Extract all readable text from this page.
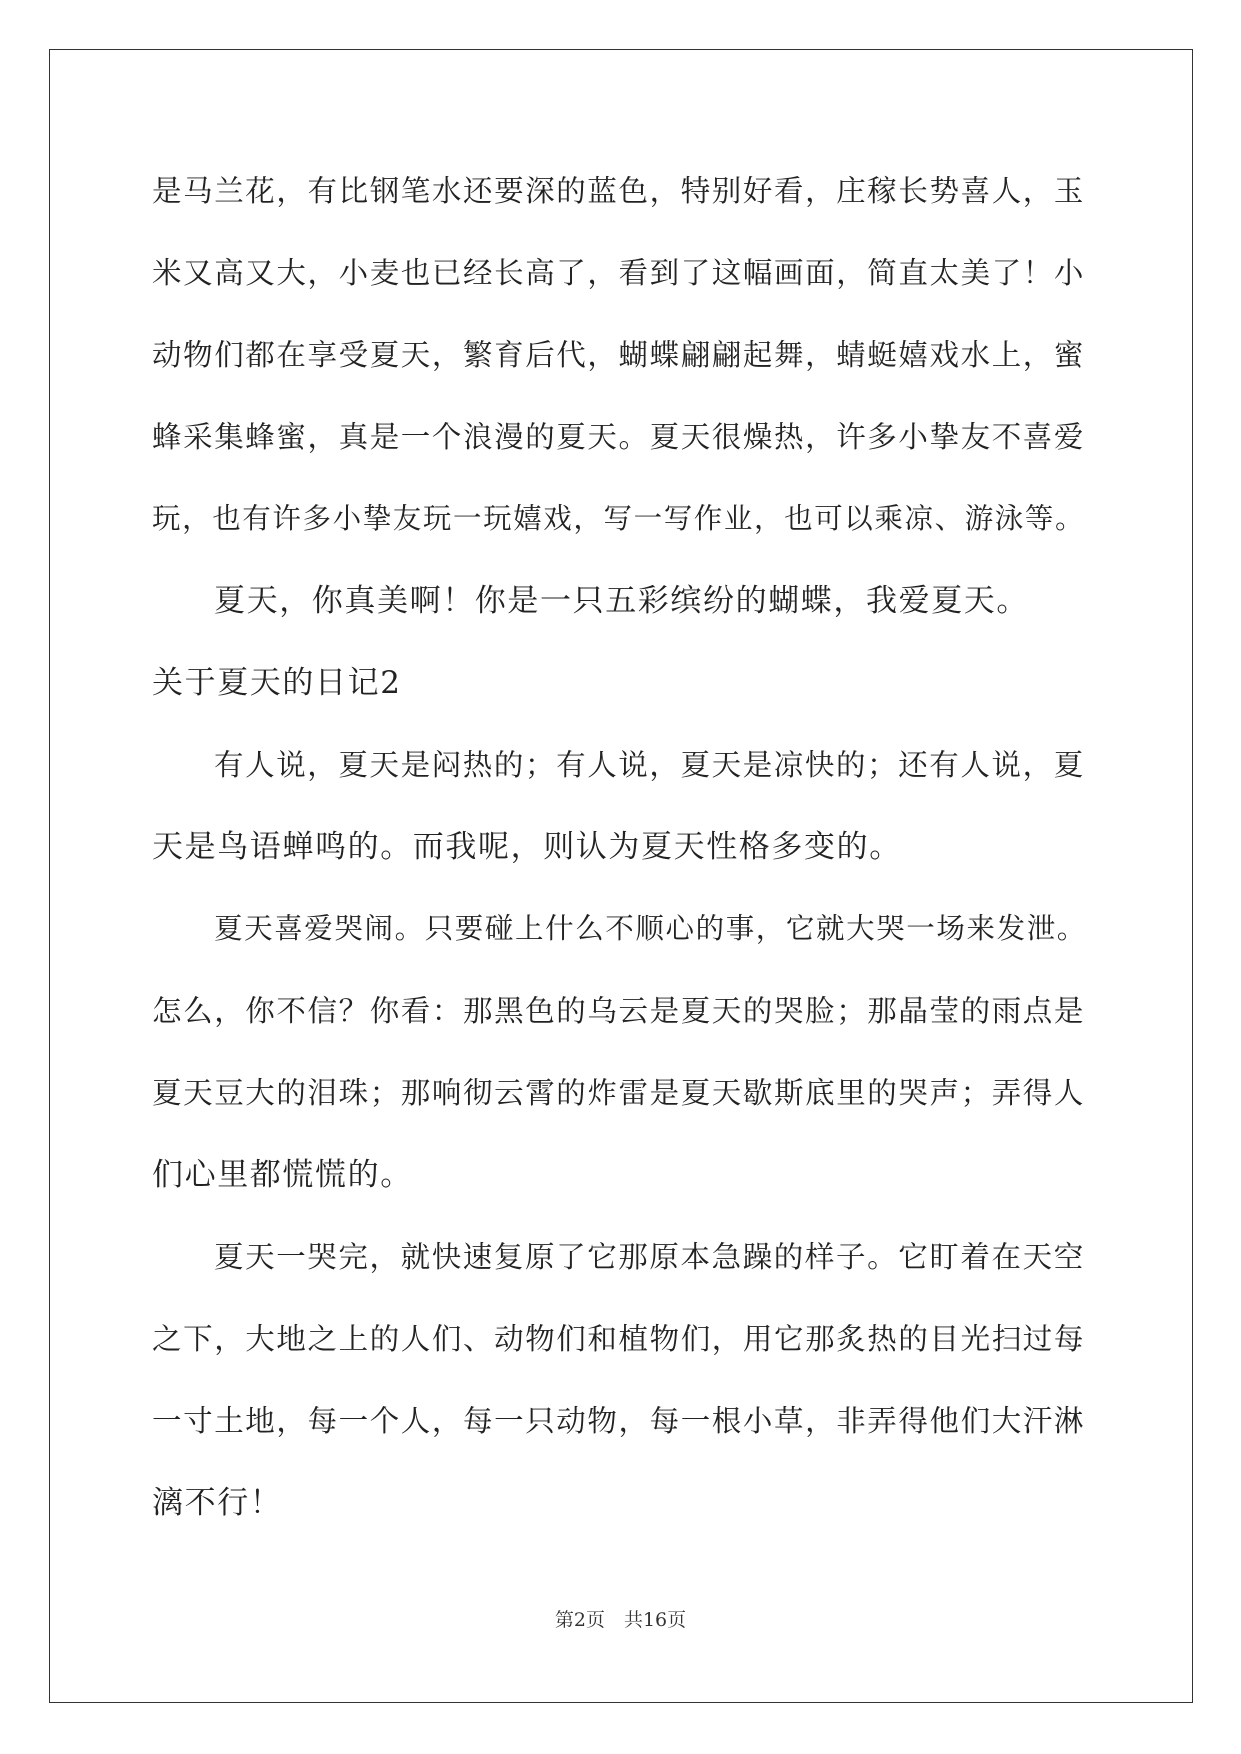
是马兰花，有比钢笔水还要深的蓝色，特别好看，庄稼长势喜人，玉
米又高又大，小麦也已经长高了，看到了这幅画面，简直太美了！小
动物们都在享受夏天，繁育后代，蝴蝶翩翩起舞，蜻蜓嬉戏水上，蜜
蜂采集蜂蜜，真是一个浪漫的夏天。夏天很燥热，许多小挚友不喜爱
玩，也有许多小挚友玩一玩嬉戏，写一写作业，也可以乘凉、游泳等。
夏天，你真美啊！你是一只五彩缤纷的蝴蝶，我爱夏天。
关于夏天的日记2
有人说，夏天是闷热的；有人说，夏天是凉快的；还有人说，夏
天是鸟语蝉鸣的。而我呢，则认为夏天性格多变的。
夏天喜爱哭闹。只要碰上什么不顺心的事，它就大哭一场来发泄。
怎么，你不信？你看：那黑色的乌云是夏天的哭脸；那晶莹的雨点是
夏天豆大的泪珠；那响彻云霄的炸雷是夏天歇斯底里的哭声；弄得人
们心里都慌慌的。
夏天一哭完，就快速复原了它那原本急躁的样子。它盯着在天空
之下，大地之上的人们、动物们和植物们，用它那炙热的目光扫过每
一寸土地，每一个人，每一只动物，每一根小草，非弄得他们大汗淋
漓不行！
第2页　共16页
